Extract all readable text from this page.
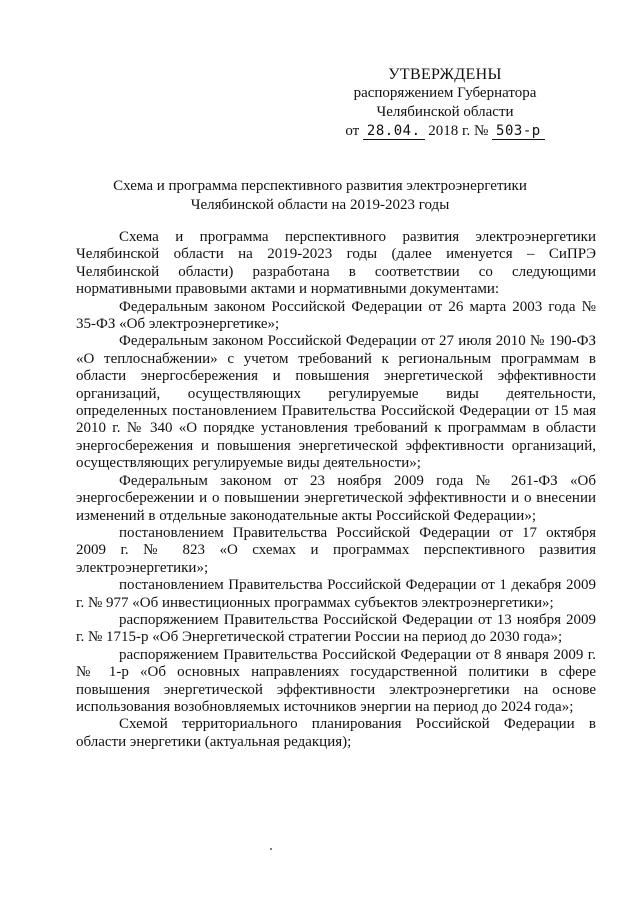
УТВЕРЖДЕНЫ
распоряжением Губернатора
Челябинской области
от 28.04. 2018 г. № 503-р
Схема и программа перспективного развития электроэнергетики
Челябинской области на 2019-2023 годы

Схема и программа перспективного развития электроэнергетики Челябинской области на 2019-2023 годы (далее именуется – СиПРЭ Челябинской области) разработана в соответствии со следующими нормативными правовыми актами и нормативными документами:

Федеральным законом Российской Федерации от 26 марта 2003 года № 35-ФЗ «Об электроэнергетике»;

Федеральным законом Российской Федерации от 27 июля 2010 № 190-ФЗ «О теплоснабжении» с учетом требований к региональным программам в области энергосбережения и повышения энергетической эффективности организаций, осуществляющих регулируемые виды деятельности, определенных постановлением Правительства Российской Федерации от 15 мая 2010 г. № 340 «О порядке установления требований к программам в области энергосбережения и повышения энергетической эффективности организаций, осуществляющих регулируемые виды деятельности»;

Федеральным законом от 23 ноября 2009 года № 261-ФЗ «Об энергосбережении и о повышении энергетической эффективности и о внесении изменений в отдельные законодательные акты Российской Федерации»;

постановлением Правительства Российской Федерации от 17 октября 2009 г. № 823 «О схемах и программах перспективного развития электроэнергетики»;

постановлением Правительства Российской Федерации от 1 декабря 2009 г. № 977 «Об инвестиционных программах субъектов электроэнергетики»;

распоряжением Правительства Российской Федерации от 13 ноября 2009 г. № 1715-р «Об Энергетической стратегии России на период до 2030 года»;

распоряжением Правительства Российской Федерации от 8 января 2009 г. № 1-р «Об основных направлениях государственной политики в сфере повышения энергетической эффективности электроэнергетики на основе использования возобновляемых источников энергии на период до 2024 года»;

Схемой территориального планирования Российской Федерации в области энергетики (актуальная редакция);
